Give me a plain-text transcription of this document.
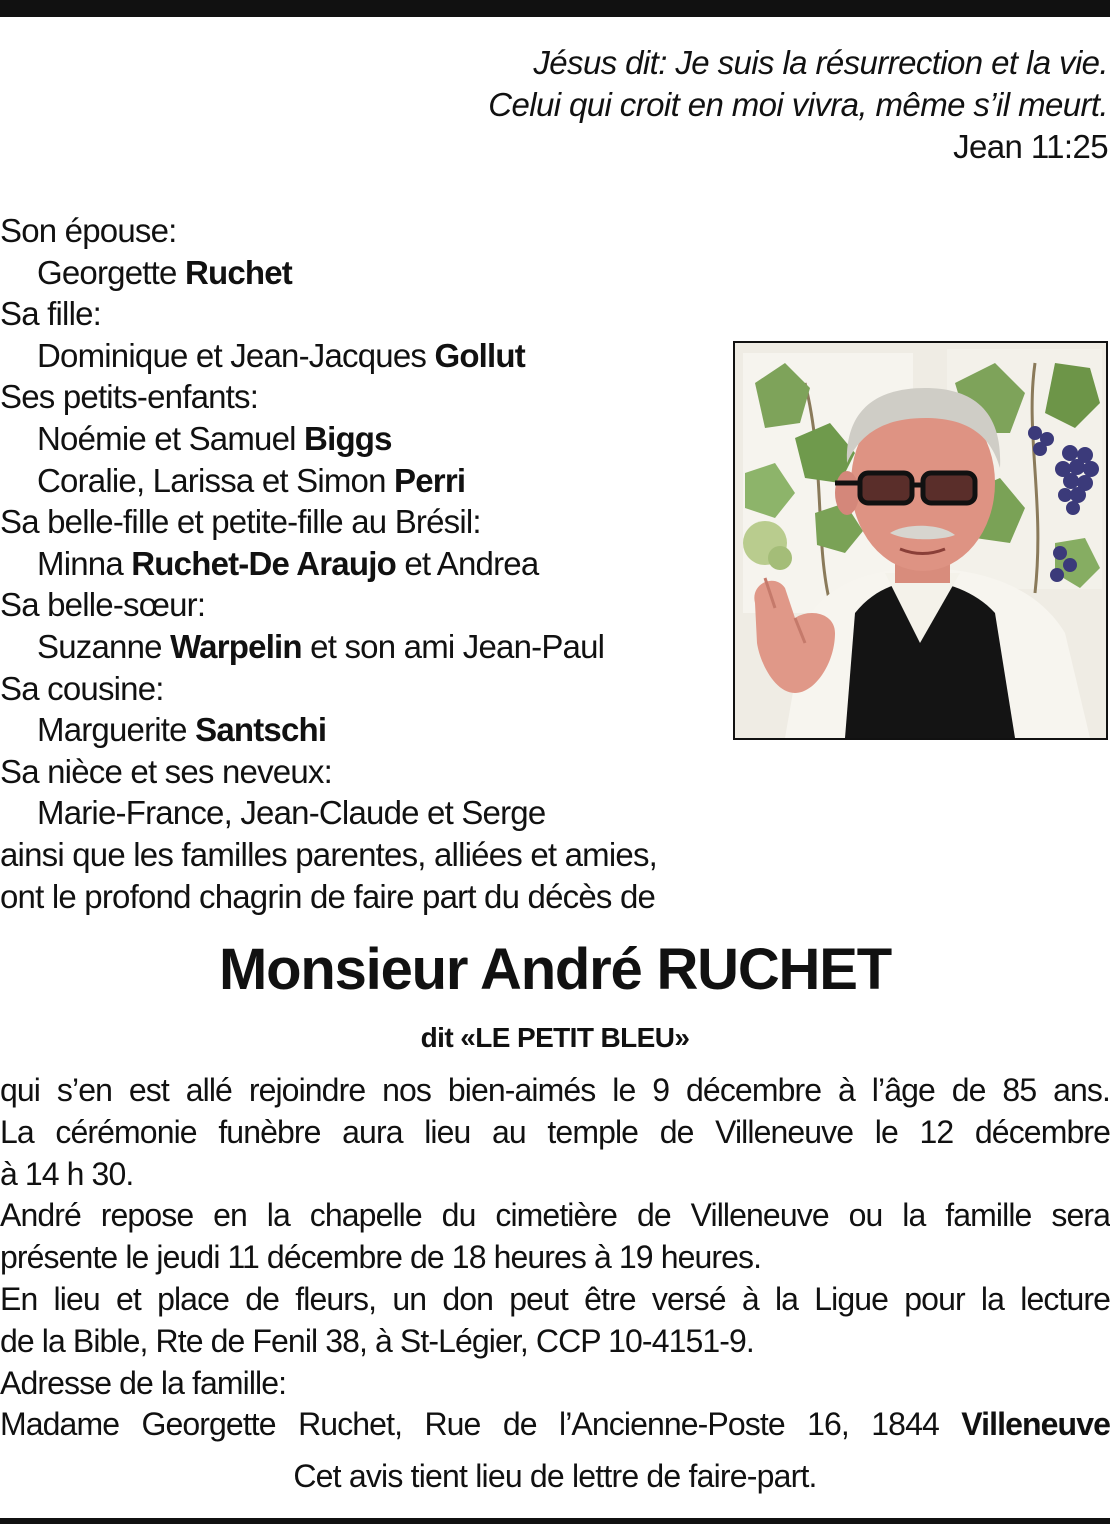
Jésus dit: Je suis la résurrection et la vie.
Celui qui croit en moi vivra, même s’il meurt.
Jean 11:25
Son épouse:
Georgette Ruchet
Sa fille:
Dominique et Jean-Jacques Gollut
Ses petits-enfants:
Noémie et Samuel Biggs
Coralie, Larissa et Simon Perri
Sa belle-fille et petite-fille au Brésil:
Minna Ruchet-De Araujo et Andrea
Sa belle-sœur:
Suzanne Warpelin et son ami Jean-Paul
Sa cousine:
Marguerite Santschi
Sa nièce et ses neveux:
Marie-France, Jean-Claude et Serge
ainsi que les familles parentes, alliées et amies,
ont le profond chagrin de faire part du décès de
Monsieur André RUCHET
dit «LE PETIT BLEU»
qui s’en est allé rejoindre nos bien-aimés le 9 décembre à l’âge de 85 ans.
La cérémonie funèbre aura lieu au temple de Villeneuve le 12 décembre
à 14 h 30.
André repose en la chapelle du cimetière de Villeneuve ou la famille sera
présente le jeudi 11 décembre de 18 heures à 19 heures.
En lieu et place de fleurs, un don peut être versé à la Ligue pour la lecture
de la Bible, Rte de Fenil 38, à St-Légier, CCP 10-4151-9.
Adresse de la famille:
Madame Georgette Ruchet, Rue de l’Ancienne-Poste 16, 1844 Villeneuve
Cet avis tient lieu de lettre de faire-part.
